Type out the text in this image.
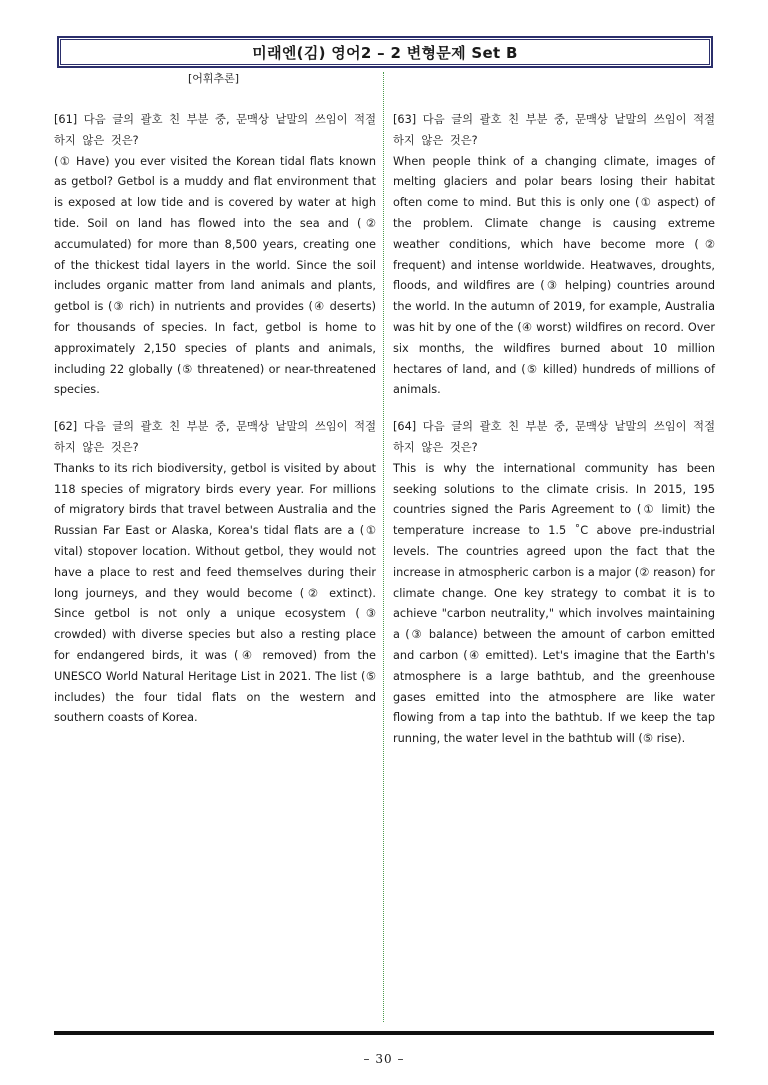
미래엔(김) 영어2 – 2 변형문제 Set B
[어휘추론]

[61] 다음 글의 괄호 친 부분 중, 문맥상 낱말의 쓰임이 적절하지 않은 것은?

(① Have) you ever visited the Korean tidal flats known as getbol? Getbol is a muddy and flat environment that is exposed at low tide and is covered by water at high tide. Soil on land has flowed into the sea and (② accumulated) for more than 8,500 years, creating one of the thickest tidal layers in the world. Since the soil includes organic matter from land animals and plants, getbol is (③ rich) in nutrients and provides (④ deserts) for thousands of species. In fact, getbol is home to approximately 2,150 species of plants and animals, including 22 globally (⑤ threatened) or near-threatened species.

[62] 다음 글의 괄호 친 부분 중, 문맥상 낱말의 쓰임이 적절하지 않은 것은?

Thanks to its rich biodiversity, getbol is visited by about 118 species of migratory birds every year. For millions of migratory birds that travel between Australia and the Russian Far East or Alaska, Korea's tidal flats are a (① vital) stopover location. Without getbol, they would not have a place to rest and feed themselves during their long journeys, and they would become (② extinct). Since getbol is not only a unique ecosystem (③ crowded) with diverse species but also a resting place for endangered birds, it was (④ removed) from the UNESCO World Natural Heritage List in 2021. The list (⑤ includes) the four tidal flats on the western and southern coasts of Korea.

[63] 다음 글의 괄호 친 부분 중, 문맥상 낱말의 쓰임이 적절하지 않은 것은?

When people think of a changing climate, images of melting glaciers and polar bears losing their habitat often come to mind. But this is only one (① aspect) of the problem. Climate change is causing extreme weather conditions, which have become more (② frequent) and intense worldwide. Heatwaves, droughts, floods, and wildfires are (③ helping) countries around the world. In the autumn of 2019, for example, Australia was hit by one of the (④ worst) wildfires on record. Over six months, the wildfires burned about 10 million hectares of land, and (⑤ killed) hundreds of millions of animals.

[64] 다음 글의 괄호 친 부분 중, 문맥상 낱말의 쓰임이 적절하지 않은 것은?

This is why the international community has been seeking solutions to the climate crisis. In 2015, 195 countries signed the Paris Agreement to (① limit) the temperature increase to 1.5 ˚C above pre-industrial levels. The countries agreed upon the fact that the increase in atmospheric carbon is a major (② reason) for climate change. One key strategy to combat it is to achieve "carbon neutrality," which involves maintaining a (③ balance) between the amount of carbon emitted and carbon (④ emitted). Let's imagine that the Earth's atmosphere is a large bathtub, and the greenhouse gases emitted into the atmosphere are like water flowing from a tap into the bathtub. If we keep the tap running, the water level in the bathtub will (⑤ rise).

– 30 –
